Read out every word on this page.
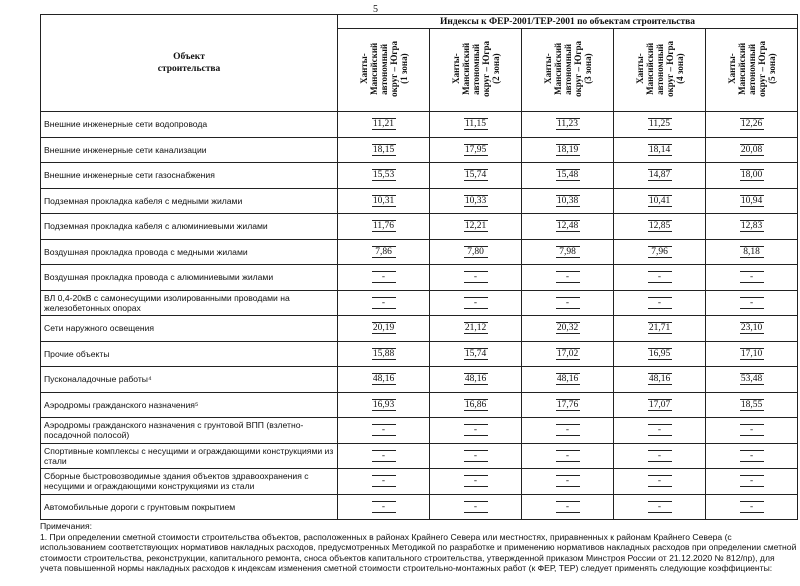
5
Объект
строительства	Индексы к ФЕР-2001/ТЕР-2001 по объектам строительства				
	Ханты-
Мансийский
автономный
округ – Югра
(1 зона)	Ханты-
Мансийский
автономный
округ – Югра
(2 зона)	Ханты-
Мансийский
автономный
округ – Югра
(3 зона)	Ханты-
Мансийский
автономный
округ – Югра
(4 зона)	Ханты-
Мансийский
автономный
округ – Югра
(5 зона)
Внешние инженерные сети водопровода	11,21	11,15	11,23	11,25	12,26
Внешние инженерные сети канализации	18,15	17,95	18,19	18,14	20,08
Внешние инженерные сети газоснабжения	15,53	15,74	15,48	14,87	18,00
Подземная прокладка кабеля с медными жилами	10,31	10,33	10,38	10,41	10,94
Подземная прокладка кабеля с алюминиевыми жилами	11,76	12,21	12,48	12,85	12,83
Воздушная прокладка провода с медными жилами	7,86	7,80	7,98	7,96	8,18
Воздушная прокладка провода с алюминиевыми жилами	-	-	-	-	-
ВЛ 0,4-20кВ с самонесущими изолированными проводами на железобетонных опорах	-	-	-	-	-
Сети наружного освещения	20,19	21,12	20,32	21,71	23,10
Прочие объекты	15,88	15,74	17,02	16,95	17,10
Пусконаладочные работы⁴	48,16	48,16	48,16	48,16	53,48
Аэродромы гражданского назначения⁵	16,93	16,86	17,76	17,07	18,55
Аэродромы гражданского назначения с грунтовой ВПП (взлетно-посадочной полосой)	-	-	-	-	-
Спортивные комплексы с несущими и ограждающими конструкциями из стали	-	-	-	-	-
Сборные быстровозводимые здания объектов здравоохранения с несущими и ограждающими конструкциями из стали	-	-	-	-	-
Автомобильные дороги с грунтовым покрытием	-	-	-	-	-

Примечания:

1. При определении сметной стоимости строительства объектов, расположенных в районах Крайнего Севера или местностях, приравненных к районам Крайнего Севера (с использованием соответствующих нормативов накладных расходов, предусмотренных Методикой по разработке и применению нормативов накладных расходов при определении сметной стоимости строительства, реконструкции, капитального ремонта, сноса объектов капитального строительства, утвержденной приказом Минстроя России от 21.12.2020 № 812/пр), для учета повышенной нормы накладных расходов к индексам изменения сметной стоимости строительно-монтажных работ (к ФЕР, ТЕР) следует применять следующие коэффициенты:
